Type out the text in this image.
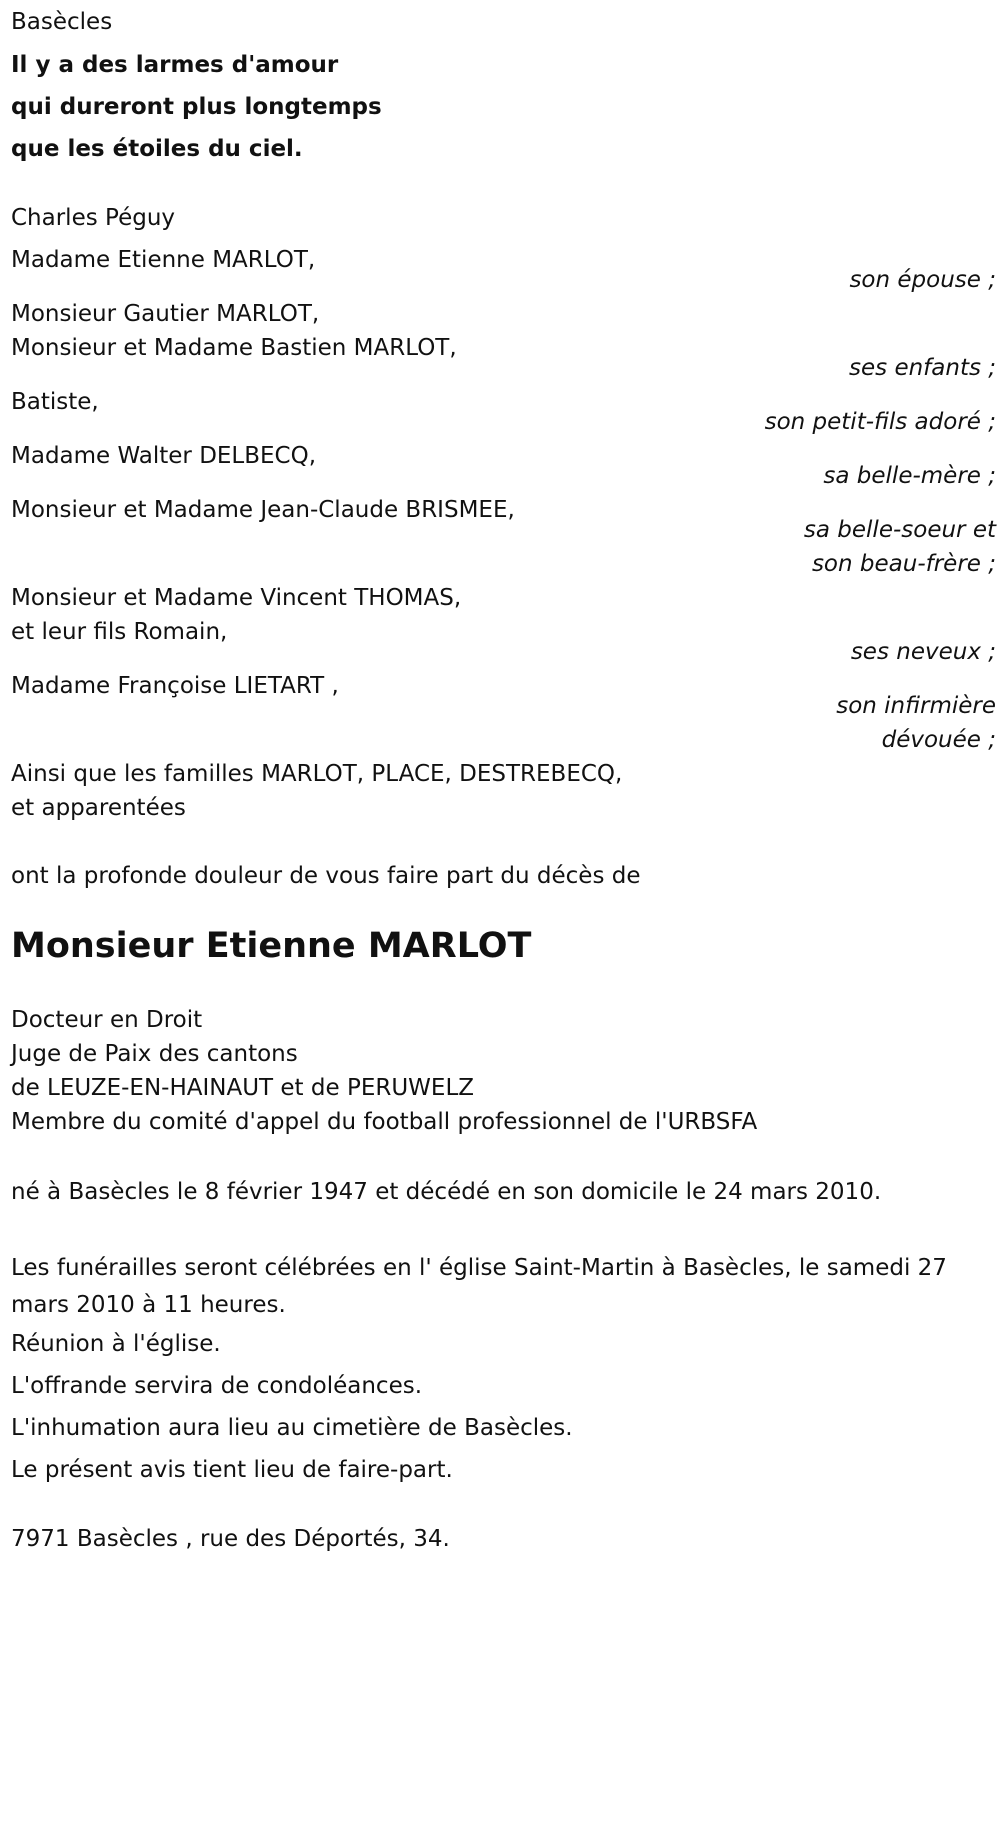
Basècles
Il y a des larmes d'amour
qui dureront plus longtemps
que les étoiles du ciel.
Charles Péguy
Madame Etienne MARLOT,
son épouse ;
Monsieur Gautier MARLOT,
Monsieur et Madame Bastien MARLOT,
ses enfants ;
Batiste,
son petit-fils adoré ;
Madame Walter DELBECQ,
sa belle-mère ;
Monsieur et Madame Jean-Claude BRISMEE,
sa belle-soeur et
son beau-frère ;
Monsieur et Madame Vincent THOMAS,
et leur fils Romain,
ses neveux ;
Madame Françoise LIETART ,
son infirmière
dévouée ;
Ainsi que les familles MARLOT, PLACE, DESTREBECQ,
et apparentées
ont la profonde douleur de vous faire part du décès de
Monsieur Etienne MARLOT
Docteur en Droit
Juge de Paix des cantons
de LEUZE-EN-HAINAUT et de PERUWELZ
Membre du comité d'appel du football professionnel de l'URBSFA
né à Basècles le 8 février 1947 et décédé en son domicile le 24 mars 2010.
Les funérailles seront célébrées en l' église Saint-Martin à Basècles, le samedi 27 mars 2010 à 11 heures.
Réunion à l'église.
L'offrande servira de condoléances.
L'inhumation aura lieu au cimetière de Basècles.
Le présent avis tient lieu de faire-part.
7971 Basècles , rue des Déportés, 34.
